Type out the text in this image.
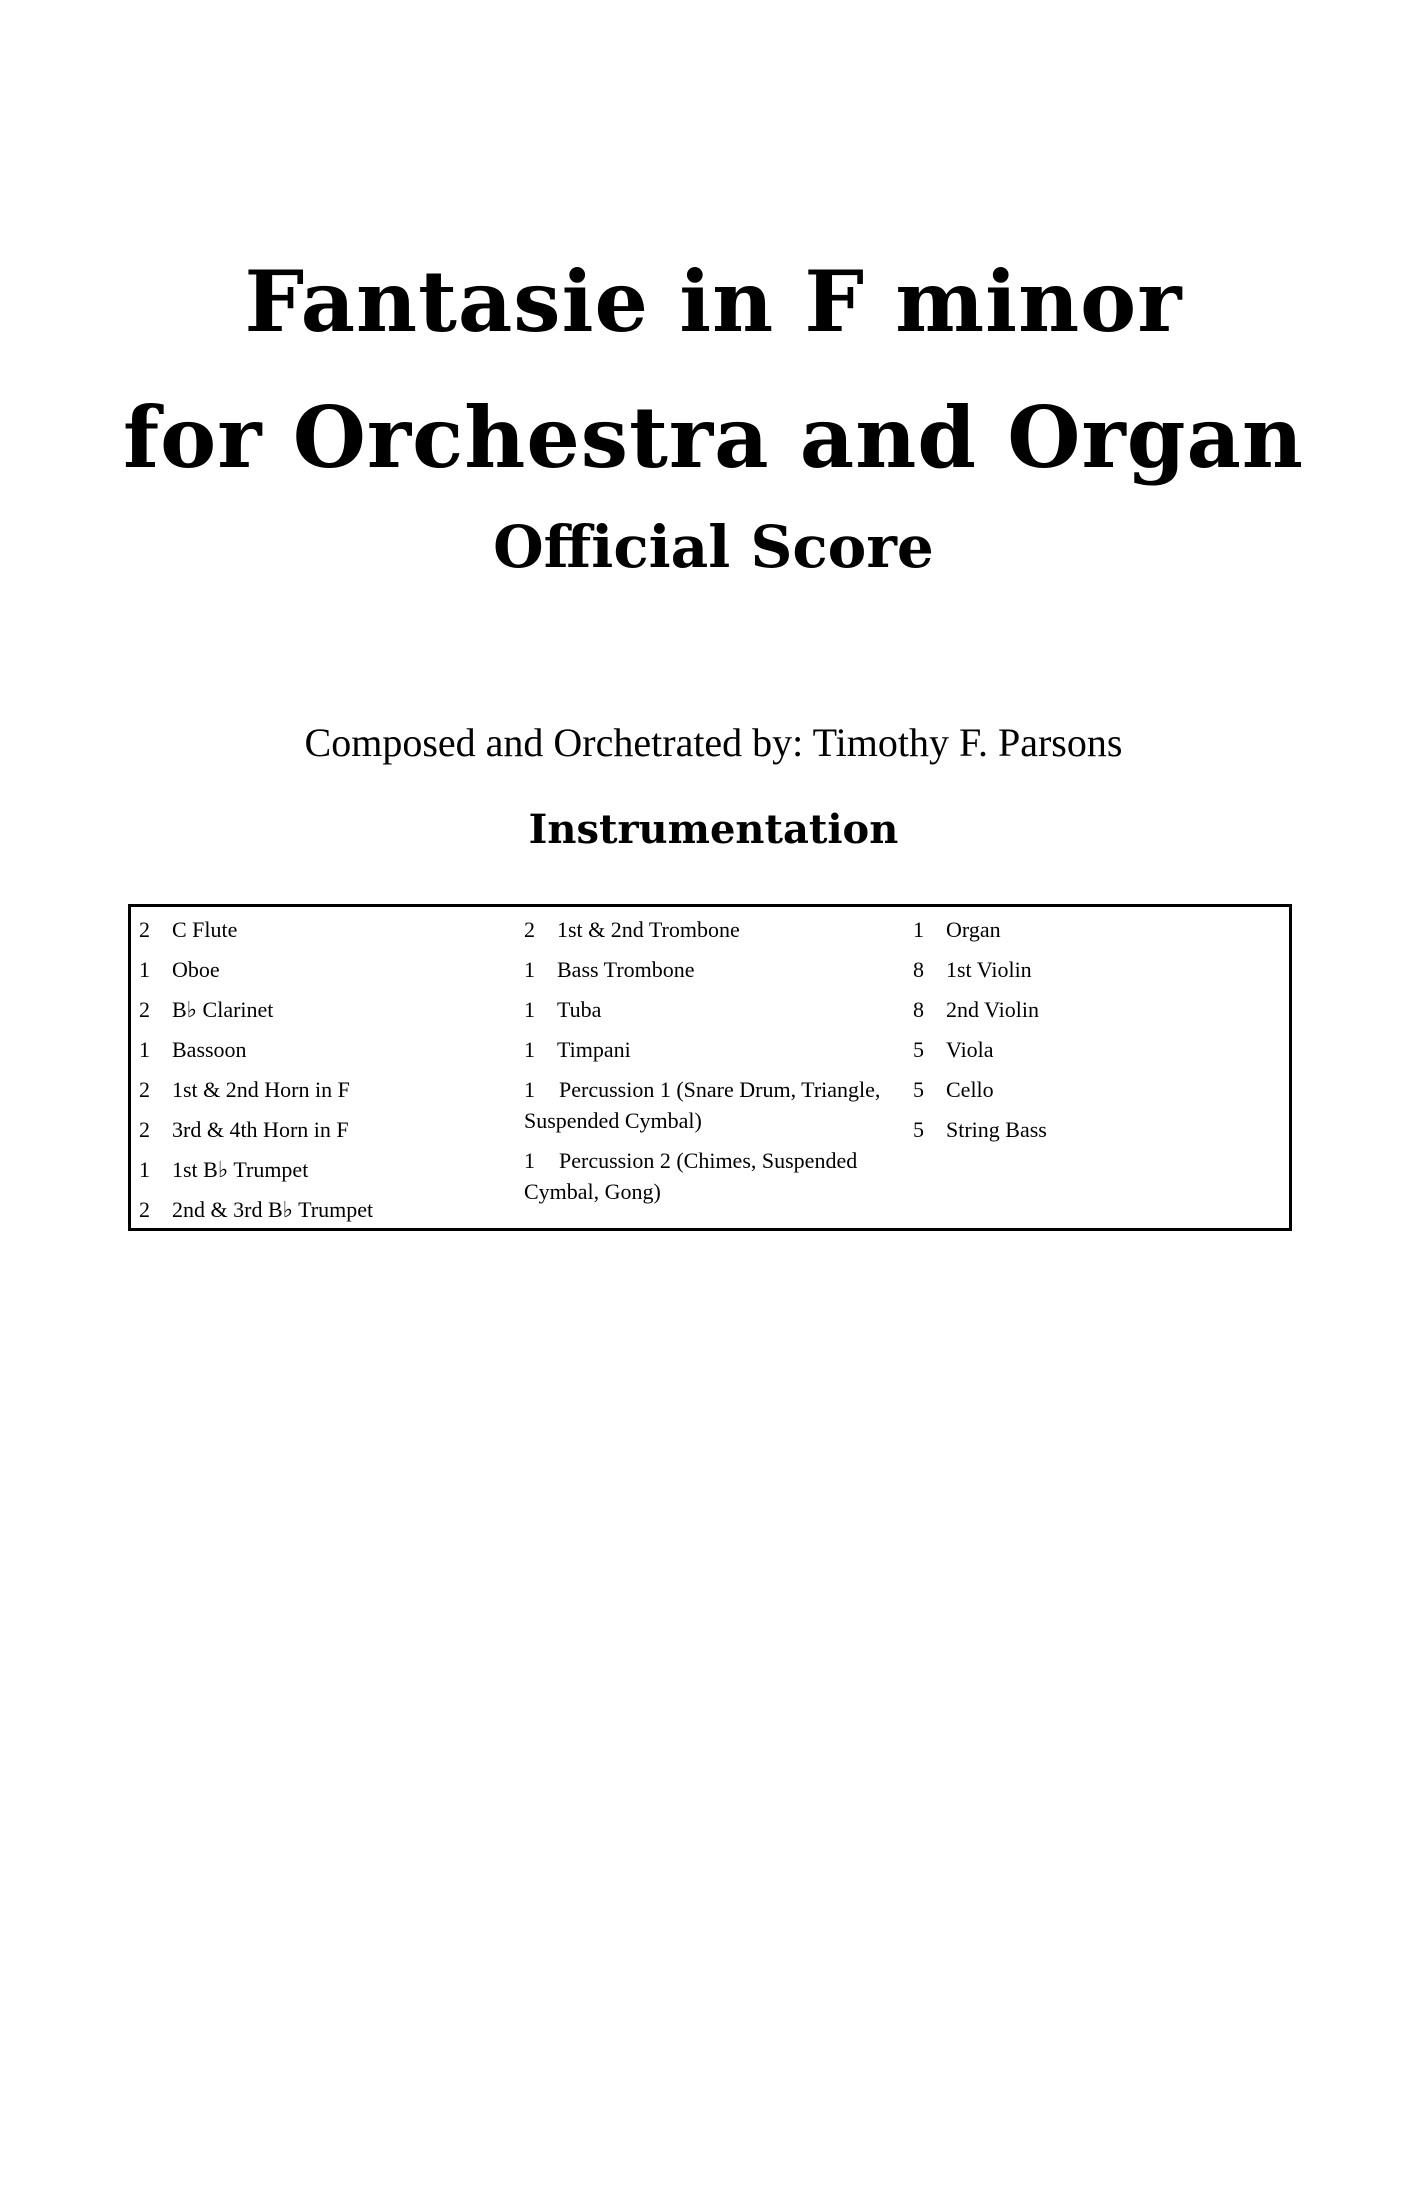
Fantasie in F minor
for Orchestra and Organ
Official Score
Composed and Orchetrated by: Timothy F. Parsons
Instrumentation
2	C Flute
1	Oboe
2	B♭ Clarinet
1	Bassoon
2	1st & 2nd Horn in F
2	3rd & 4th Horn in F
1	1st B♭ Trumpet
2	2nd & 3rd B♭ Trumpet
2	1st & 2nd Trombone
1	Bass Trombone
1	Tuba
1	Timpani
1 Percussion 1 (Snare Drum, Triangle, Suspended Cymbal)
1 Percussion 2 (Chimes, Suspended Cymbal, Gong)
1	Organ
8	1st Violin
8	2nd Violin
5	Viola
5	Cello
5	String Bass
